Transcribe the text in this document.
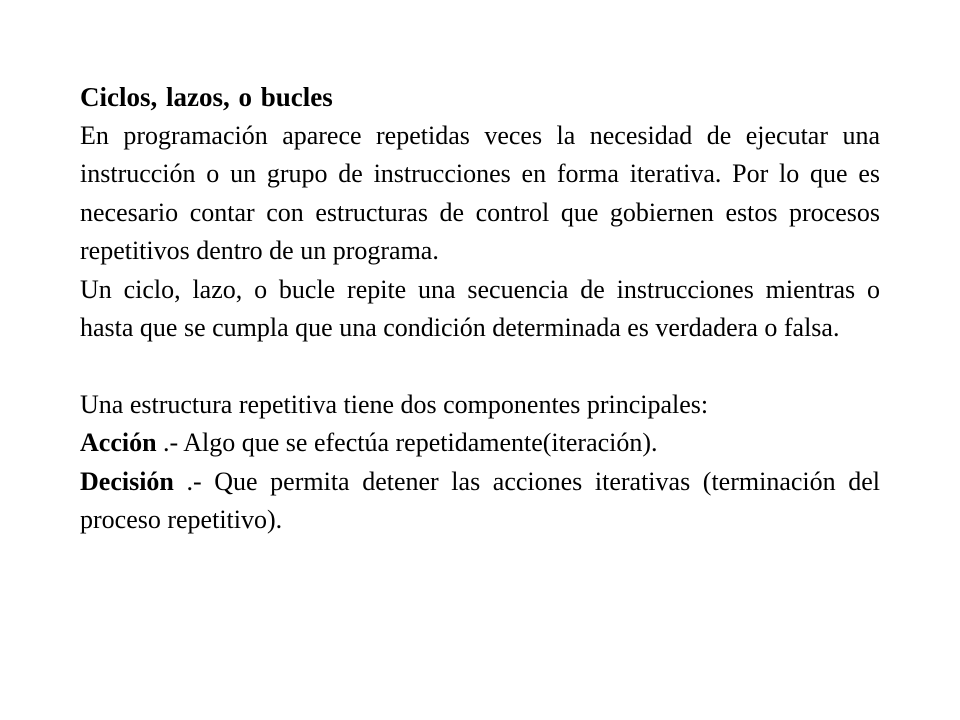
Ciclos, lazos, o bucles

En programación aparece repetidas veces la necesidad de ejecutar una instrucción o un grupo de instrucciones en forma iterativa. Por lo que es necesario contar con estructuras de control que gobiernen estos procesos repetitivos dentro de un programa.

Un ciclo, lazo, o bucle repite una secuencia de instrucciones mientras o hasta que se cumpla que una condición determinada es verdadera o falsa.

Una estructura repetitiva tiene dos componentes principales:

Acción .- Algo que se efectúa repetidamente(iteración).

Decisión .- Que permita detener las acciones iterativas (terminación del proceso repetitivo).
